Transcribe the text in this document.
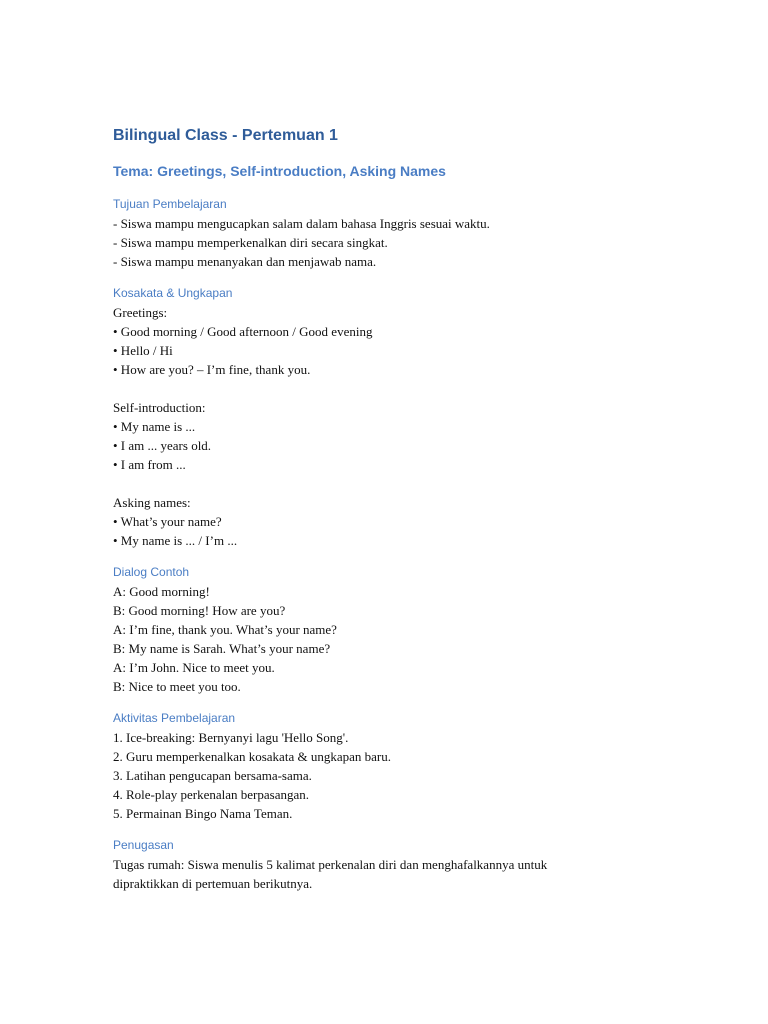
Bilingual Class - Pertemuan 1
Tema: Greetings, Self-introduction, Asking Names
Tujuan Pembelajaran
- Siswa mampu mengucapkan salam dalam bahasa Inggris sesuai waktu.
- Siswa mampu memperkenalkan diri secara singkat.
- Siswa mampu menanyakan dan menjawab nama.
Kosakata & Ungkapan
Greetings:
• Good morning / Good afternoon / Good evening
• Hello / Hi
• How are you? – I’m fine, thank you.
Self-introduction:
• My name is ...
• I am ... years old.
• I am from ...
Asking names:
• What’s your name?
• My name is ... / I’m ...
Dialog Contoh
A: Good morning!
B: Good morning! How are you?
A: I’m fine, thank you. What’s your name?
B: My name is Sarah. What’s your name?
A: I’m John. Nice to meet you.
B: Nice to meet you too.
Aktivitas Pembelajaran
1. Ice-breaking: Bernyanyi lagu 'Hello Song'.
2. Guru memperkenalkan kosakata & ungkapan baru.
3. Latihan pengucapan bersama-sama.
4. Role-play perkenalan berpasangan.
5. Permainan Bingo Nama Teman.
Penugasan
Tugas rumah: Siswa menulis 5 kalimat perkenalan diri dan menghafalkannya untuk
dipraktikkan di pertemuan berikutnya.
